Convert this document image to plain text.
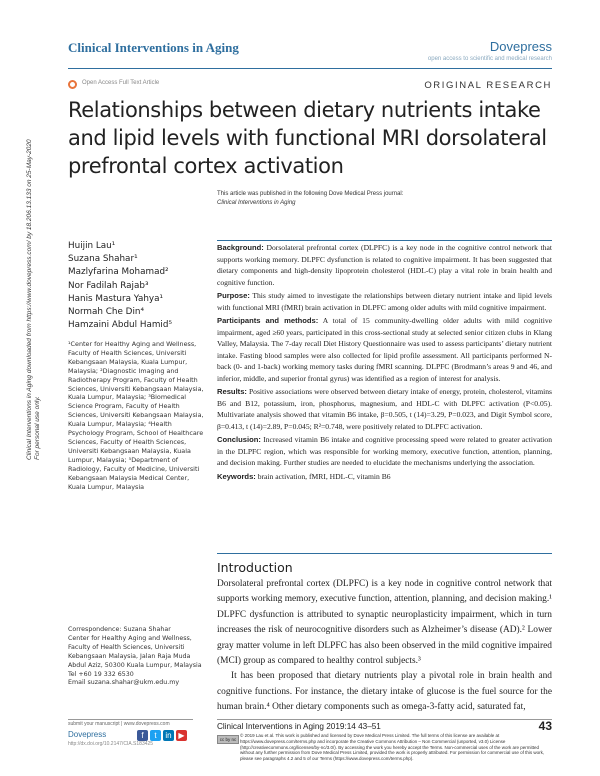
Clinical Interventions in Aging	Dovepress
open access to scientific and medical research
Open Access Full Text Article	ORIGINAL RESEARCH
Relationships between dietary nutrients intake and lipid levels with functional MRI dorsolateral prefrontal cortex activation
This article was published in the following Dove Medical Press journal:
Clinical Interventions in Aging
Clinical Interventions in Aging downloaded from https://www.dovepress.com/ by 18.206.13.133 on 25-May-2020 For personal use only.
Huijin Lau¹
Suzana Shahar¹
Mazlyfarina Mohamad²
Nor Fadilah Rajab³
Hanis Mastura Yahya¹
Normah Che Din⁴
Hamzaini Abdul Hamid⁵
¹Center for Healthy Aging and Wellness, Faculty of Health Sciences, Universiti Kebangsaan Malaysia, Kuala Lumpur, Malaysia; ²Diagnostic Imaging and Radiotherapy Program, Faculty of Health Sciences, Universiti Kebangsaan Malaysia, Kuala Lumpur, Malaysia; ³Biomedical Science Program, Faculty of Health Sciences, Universiti Kebangsaan Malaysia, Kuala Lumpur, Malaysia; ⁴Health Psychology Program, School of Healthcare Sciences, Faculty of Health Sciences, Universiti Kebangsaan Malaysia, Kuala Lumpur, Malaysia; ⁵Department of Radiology, Faculty of Medicine, Universiti Kebangsaan Malaysia Medical Center, Kuala Lumpur, Malaysia

Background: Dorsolateral prefrontal cortex (DLPFC) is a key node in the cognitive control network that supports working memory. DLPFC dysfunction is related to cognitive impairment. It has been suggested that dietary components and high-density lipoprotein cholesterol (HDL-C) play a vital role in brain health and cognitive function.

Purpose: This study aimed to investigate the relationships between dietary nutrient intake and lipid levels with functional MRI (fMRI) brain activation in DLPFC among older adults with mild cognitive impairment.

Participants and methods: A total of 15 community-dwelling older adults with mild cognitive impairment, aged ≥60 years, participated in this cross-sectional study at selected senior citizen clubs in Klang Valley, Malaysia. The 7-day recall Diet History Questionnaire was used to assess participants’ dietary nutrient intake. Fasting blood samples were also collected for lipid profile assessment. All participants performed N-back (0- and 1-back) working memory tasks during fMRI scanning. DLPFC (Brodmann’s areas 9 and 46, and inferior, middle, and superior frontal gyrus) was identified as a region of interest for analysis.

Results: Positive associations were observed between dietary intake of energy, protein, cholesterol, vitamins B6 and B12, potassium, iron, phosphorus, magnesium, and HDL-C with DLPFC activation (P<0.05). Multivariate analysis showed that vitamin B6 intake, β=0.505, t (14)=3.29, P=0.023, and Digit Symbol score, β=0.413, t (14)=2.89, P=0.045; R²=0.748, were positively related to DLPFC activation.

Conclusion: Increased vitamin B6 intake and cognitive processing speed were related to greater activation in the DLPFC region, which was responsible for working memory, executive function, attention, planning, and decision making. Further studies are needed to elucidate the mechanisms underlying the association.

Keywords: brain activation, fMRI, HDL-C, vitamin B6

Introduction

Dorsolateral prefrontal cortex (DLPFC) is a key node in cognitive control network that supports working memory, executive function, attention, planning, and decision making.¹ DLPFC dysfunction is attributed to synaptic neuroplasticity impairment, which in turn increases the risk of neurocognitive disorders such as Alzheimer’s disease (AD).² Lower gray matter volume in left DLPFC has also been observed in the mild cognitive impaired (MCI) group as compared to healthy control subjects.³

It has been proposed that dietary nutrients play a pivotal role in brain health and cognitive functions. For instance, the dietary intake of glucose is the fuel source for the human brain.⁴ Other dietary components such as omega-3-fatty acid, saturated fat,

Correspondence: Suzana Shahar
Center for Healthy Aging and Wellness, Faculty of Health Sciences, Universiti Kebangsaan Malaysia, Jalan Raja Muda Abdul Aziz, 50300 Kuala Lumpur, Malaysia
Tel +60 19 332 6530
Email suzana.shahar@ukm.edu.my
submit your manuscript | www.dovepress.com
Dovepress
http://dx.doi.org/10.2147/CIA.S183425
f	t	in ▶
Clinical Interventions in Aging 2019:14 43–51	43
cc by nc
© 2019 Lau et al. This work is published and licensed by Dove Medical Press Limited. The full terms of this license are available at https://www.dovepress.com/terms.php and incorporate the Creative Commons Attribution – Non Commercial (unported, v3.0) License (http://creativecommons.org/licenses/by-nc/3.0/). By accessing the work you hereby accept the Terms. Non-commercial uses of the work are permitted without any further permission from Dove Medical Press Limited, provided the work is properly attributed. For permission for commercial use of this work, please see paragraphs 4.2 and 5 of our Terms (https://www.dovepress.com/terms.php).
